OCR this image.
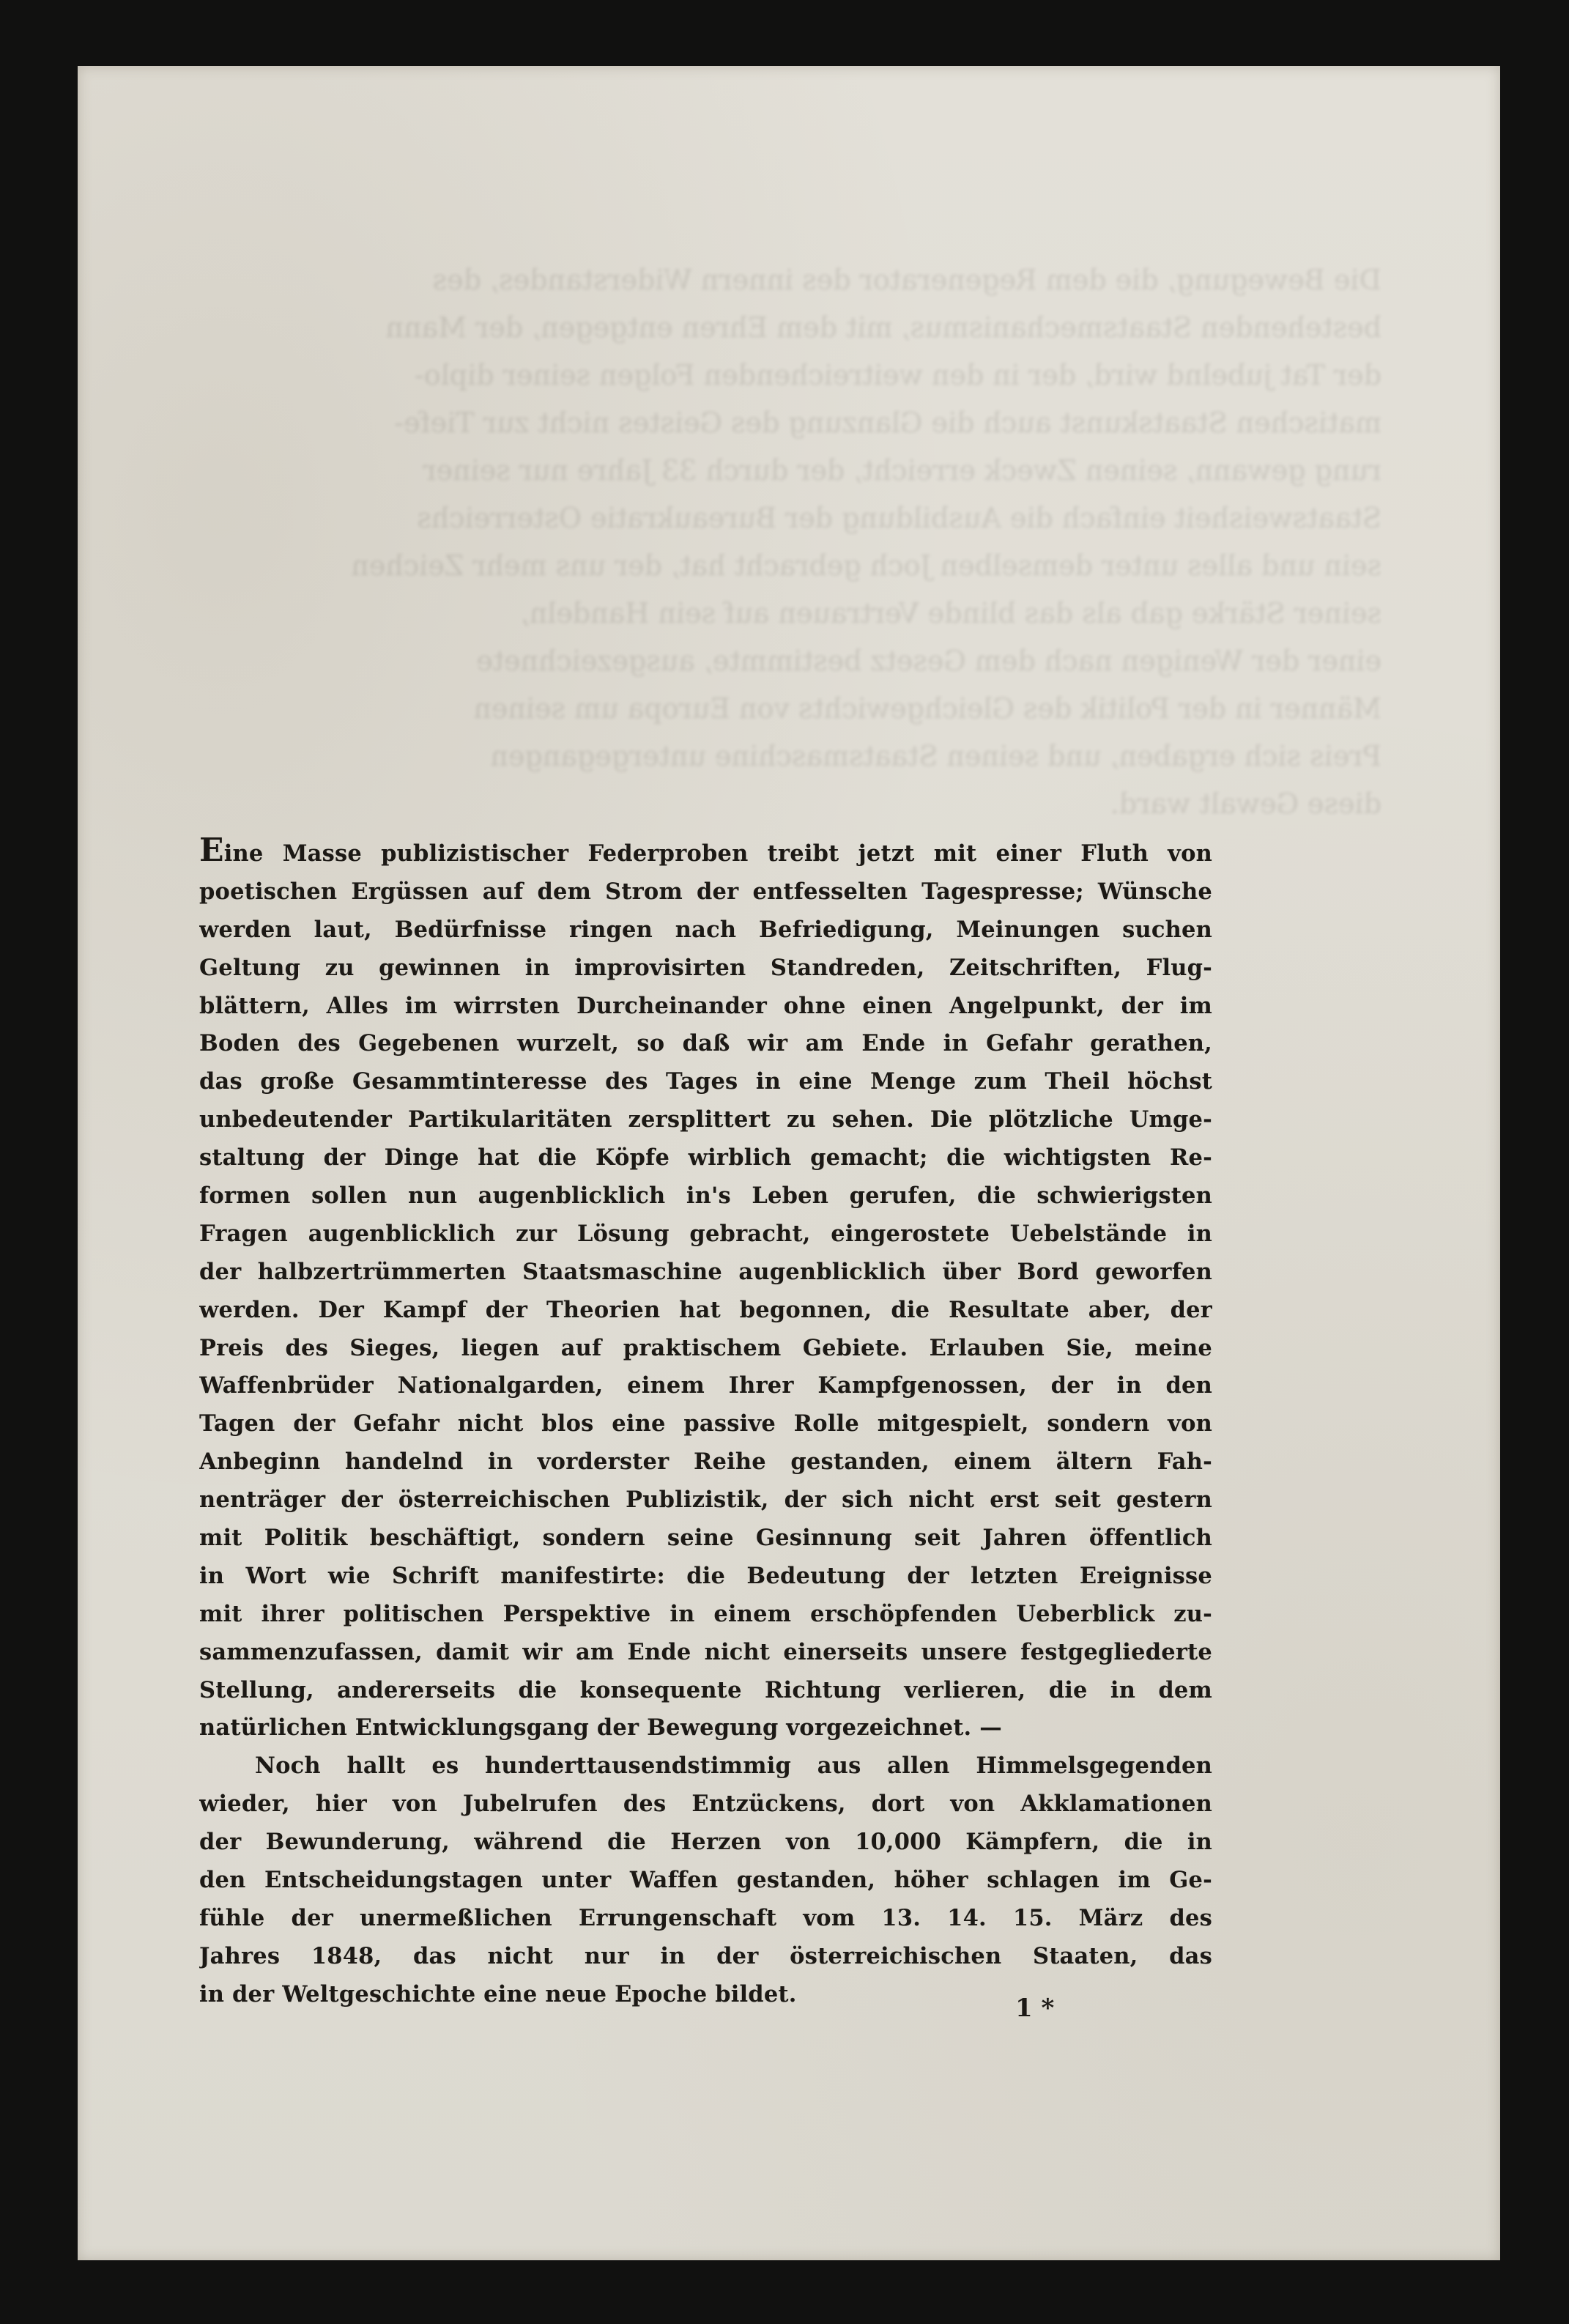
Die Bewegung, die dem Regenerator des innern Widerstandes, des
bestehenden Staatsmechanismus, mit dem Ehren entgegen, der Mann
der Tat jubelnd wird, der in den weitreichenden Folgen seiner diplo-
matischen Staatskunst auch die Glanzung des Geistes nicht zur Tiefe-
rung gewann, seinen Zweck erreicht, der durch 33 Jahre nur seiner
Staatsweisheit einfach die Ausbildung der Bureaukratie Osterreichs
sein und alles unter demselben Joch gebracht hat, der uns mehr Zeichen
seiner Stärke gab als das blinde Vertrauen auf sein Handeln,
einer der Wenigen nach dem Gesetz bestimmte, ausgezeichnete
Männer in der Politik des Gleichgewichts von Europa um seinen
Preis sich ergaben, und seinen Staatsmaschine untergegangen
diese Gewalt ward.

Eine Masse publizistischer Federproben treibt jetzt mit einer Fluth von

poetischen Ergüssen auf dem Strom der entfesselten Tagespresse; Wünsche

werden laut, Bedürfnisse ringen nach Befriedigung, Meinungen suchen

Geltung zu gewinnen in improvisirten Standreden, Zeitschriften, Flug-

blättern, Alles im wirrsten Durcheinander ohne einen Angelpunkt, der im

Boden des Gegebenen wurzelt, so daß wir am Ende in Gefahr gerathen,

das große Gesammtinteresse des Tages in eine Menge zum Theil höchst

unbedeutender Partikularitäten zersplittert zu sehen. Die plötzliche Umge-

staltung der Dinge hat die Köpfe wirblich gemacht; die wichtigsten Re-

formen sollen nun augenblicklich in's Leben gerufen, die schwierigsten

Fragen augenblicklich zur Lösung gebracht, eingerostete Uebelstände in

der halbzertrümmerten Staatsmaschine augenblicklich über Bord geworfen

werden. Der Kampf der Theorien hat begonnen, die Resultate aber, der

Preis des Sieges, liegen auf praktischem Gebiete. Erlauben Sie, meine

Waffenbrüder Nationalgarden, einem Ihrer Kampfgenossen, der in den

Tagen der Gefahr nicht blos eine passive Rolle mitgespielt, sondern von

Anbeginn handelnd in vorderster Reihe gestanden, einem ältern Fah-

nenträger der österreichischen Publizistik, der sich nicht erst seit gestern

mit Politik beschäftigt, sondern seine Gesinnung seit Jahren öffentlich

in Wort wie Schrift manifestirte: die Bedeutung der letzten Ereignisse

mit ihrer politischen Perspektive in einem erschöpfenden Ueberblick zu-

sammenzufassen, damit wir am Ende nicht einerseits unsere festgegliederte

Stellung, andererseits die konsequente Richtung verlieren, die in dem

natürlichen Entwicklungsgang der Bewegung vorgezeichnet. —

Noch hallt es hunderttausendstimmig aus allen Himmelsgegenden

wieder, hier von Jubelrufen des Entzückens, dort von Akklamationen

der Bewunderung, während die Herzen von 10,000 Kämpfern, die in

den Entscheidungstagen unter Waffen gestanden, höher schlagen im Ge-

fühle der unermeßlichen Errungenschaft vom 13. 14. 15. März des

Jahres 1848, das nicht nur in der österreichischen Staaten, das

in der Weltgeschichte eine neue Epoche bildet.	1 *
